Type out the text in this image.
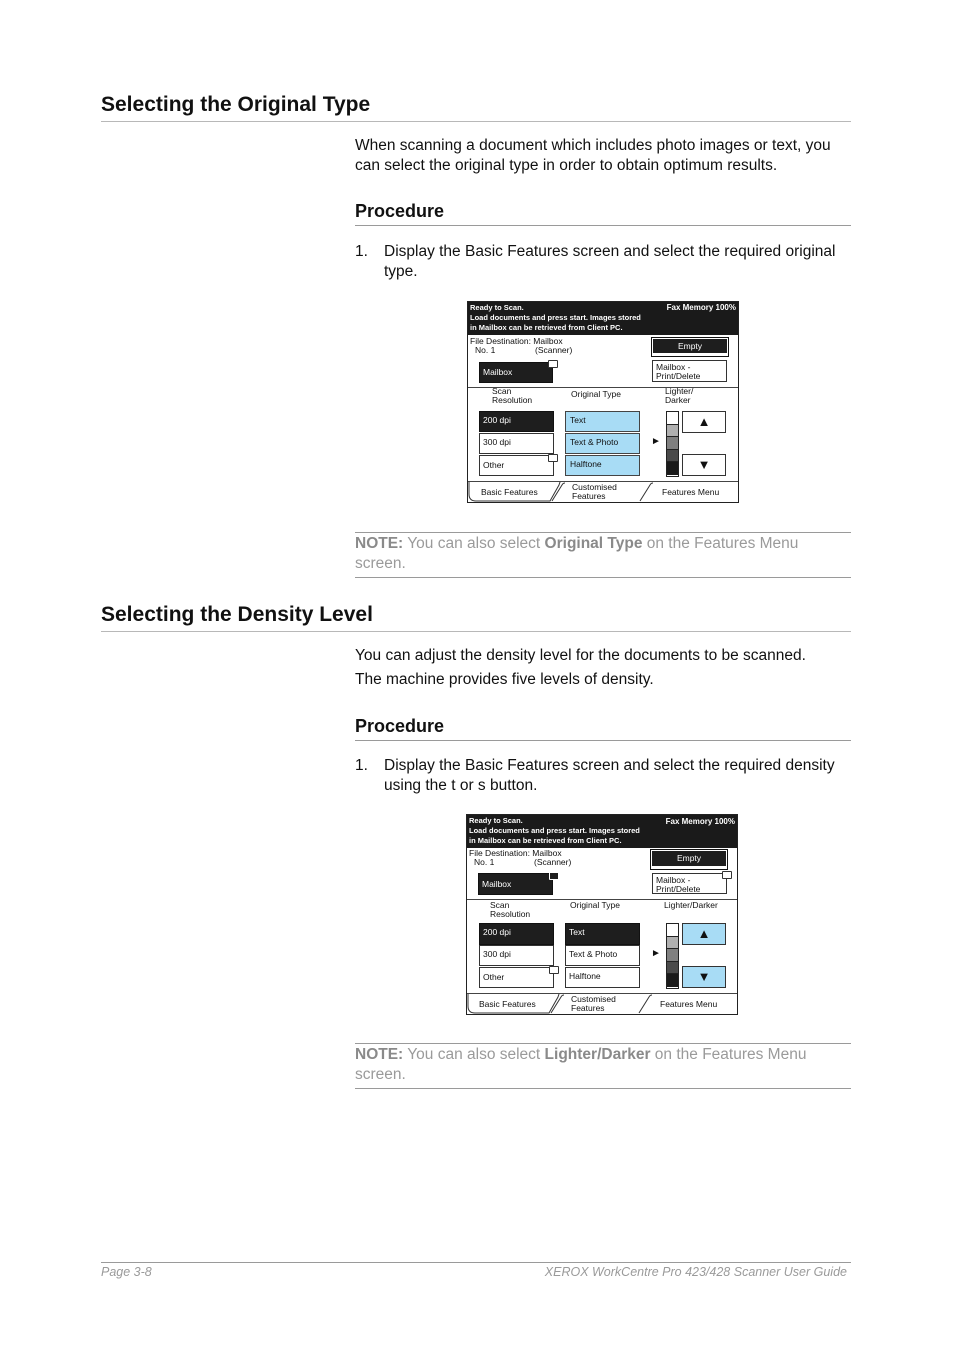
Selecting the Original Type

When scanning a document which includes photo images or text, you can select the original type in order to obtain optimum results.

Procedure
1. Display the Basic Features screen and select the required original type.
Ready to Scan.
Load documents and press start. Images stored
in Mailbox can be retrieved from Client PC.
Fax Memory 100%
File Destination: Mailbox
No. 1	(Scanner)
Mailbox
Empty
Mailbox -
Print/Delete
Scan
Resolution
Original Type	Lighter/
Darker
200 dpi
300 dpi
Other
Text
Text & Photo
Halftone
►
▲
▼
Basic Features	Customised
Features	Features Menu
NOTE: You can also select Original Type on the Features Menu screen.
Selecting the Density Level

You can adjust the density level for the documents to be scanned.

The machine provides five levels of density.

Procedure
1. Display the Basic Features screen and select the required density using the t or s button.
Ready to Scan.
Load documents and press start. Images stored
in Mailbox can be retrieved from Client PC.
Fax Memory 100%
File Destination: Mailbox
No. 1	(Scanner)
Mailbox
Empty
Mailbox -
Print/Delete
Scan
Resolution
Original Type	Lighter/Darker
200 dpi
300 dpi
Other
Text
Text & Photo
Halftone
►
▲
▼
Basic Features	Customised
Features	Features Menu
NOTE: You can also select Lighter/Darker on the Features Menu screen.
Page 3-8	XEROX WorkCentre Pro 423/428 Scanner User Guide
